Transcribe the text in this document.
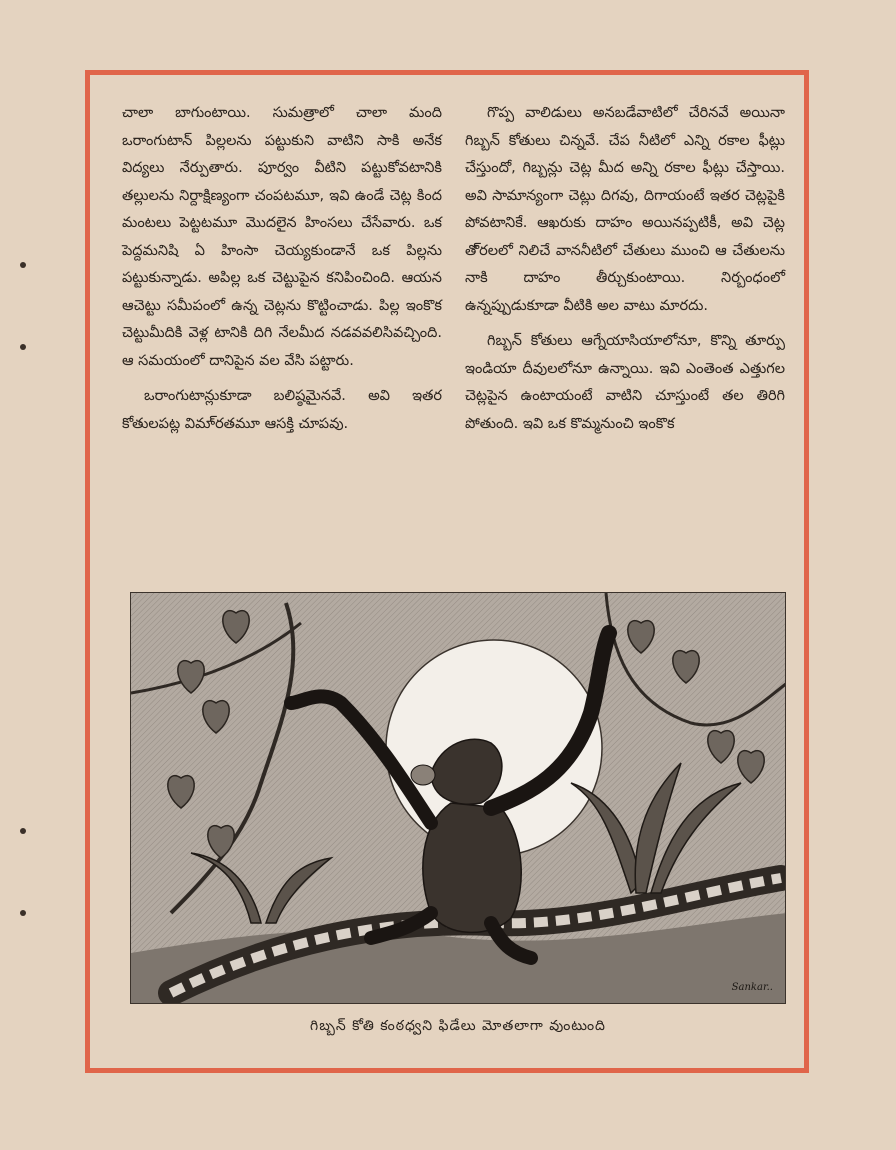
చాలా బాగుంటాయి. సుమత్రాలో చాలా మంది ఒరాంగుటాన్ పిల్లలను పట్టుకుని వాటిని సాకి అనేక విద్యలు నేర్పుతారు. పూర్వం వీటిని పట్టుకోవటానికి తల్లులను నిర్దాక్షిణ్యంగా చంపటమూ, ఇవి ఉండే చెట్ల కింద మంటలు పెట్టటమూ మొదలైన హింసలు చేసేవారు. ఒక పెద్దమనిషి ఏ హింసా చెయ్యకుండానే ఒక పిల్లను పట్టుకున్నాడు. అపిల్ల ఒక చెట్టుపైన కనిపించింది. ఆయన ఆచెట్టు సమీపంలో ఉన్న చెట్లను కొట్టించాడు. పిల్ల ఇంకొక చెట్టుమీదికి వెళ్ల టానికి దిగి నేలమీద నడవవలిసివచ్చింది. ఆ సమయంలో దానిపైన వల వేసి పట్టారు.

ఒరాంగుటాన్లుకూడా బలిష్ఠమైనవే. అవి ఇతర కోతులపట్ల విమా్రతమూ ఆసక్తి చూపవు.

గొప్ప వాలిడులు అనబడేవాటిలో చేరినవే అయినా గిబ్బన్ కోతులు చిన్నవే. చేప నీటిలో ఎన్ని రకాల ఫీట్లు చేస్తుందో, గిబ్బన్లు చెట్ల మీద అన్ని రకాల ఫీట్లు చేస్తాయి. అవి సామాన్యంగా చెట్లు దిగవు, దిగాయంటే ఇతర చెట్లపైకి పోవటానికే. ఆఖరుకు దాహం అయినప్పటికీ, అవి చెట్ల తొ్రలలో నిలిచే వాననీటిలో చేతులు ముంచి ఆ చేతులను నాకి దాహం తీర్చుకుంటాయి. నిర్బంధంలో ఉన్నప్పుడుకూడా వీటికి అల వాటు మారదు.

గిబ్బన్ కోతులు ఆగ్నేయాసియాలోనూ, కొన్ని తూర్పు ఇండియా దీవులలోనూ ఉన్నాయి. ఇవి ఎంతెంత ఎత్తుగల చెట్లపైన ఉంటాయంటే వాటిని చూస్తుంటే తల తిరిగి పోతుంది. ఇవి ఒక కొమ్మనుంచి ఇంకొక

Sankar..
గిబ్బన్ కోతి కంఠధ్వని ఫిడేలు మోతలాగా వుంటుంది
